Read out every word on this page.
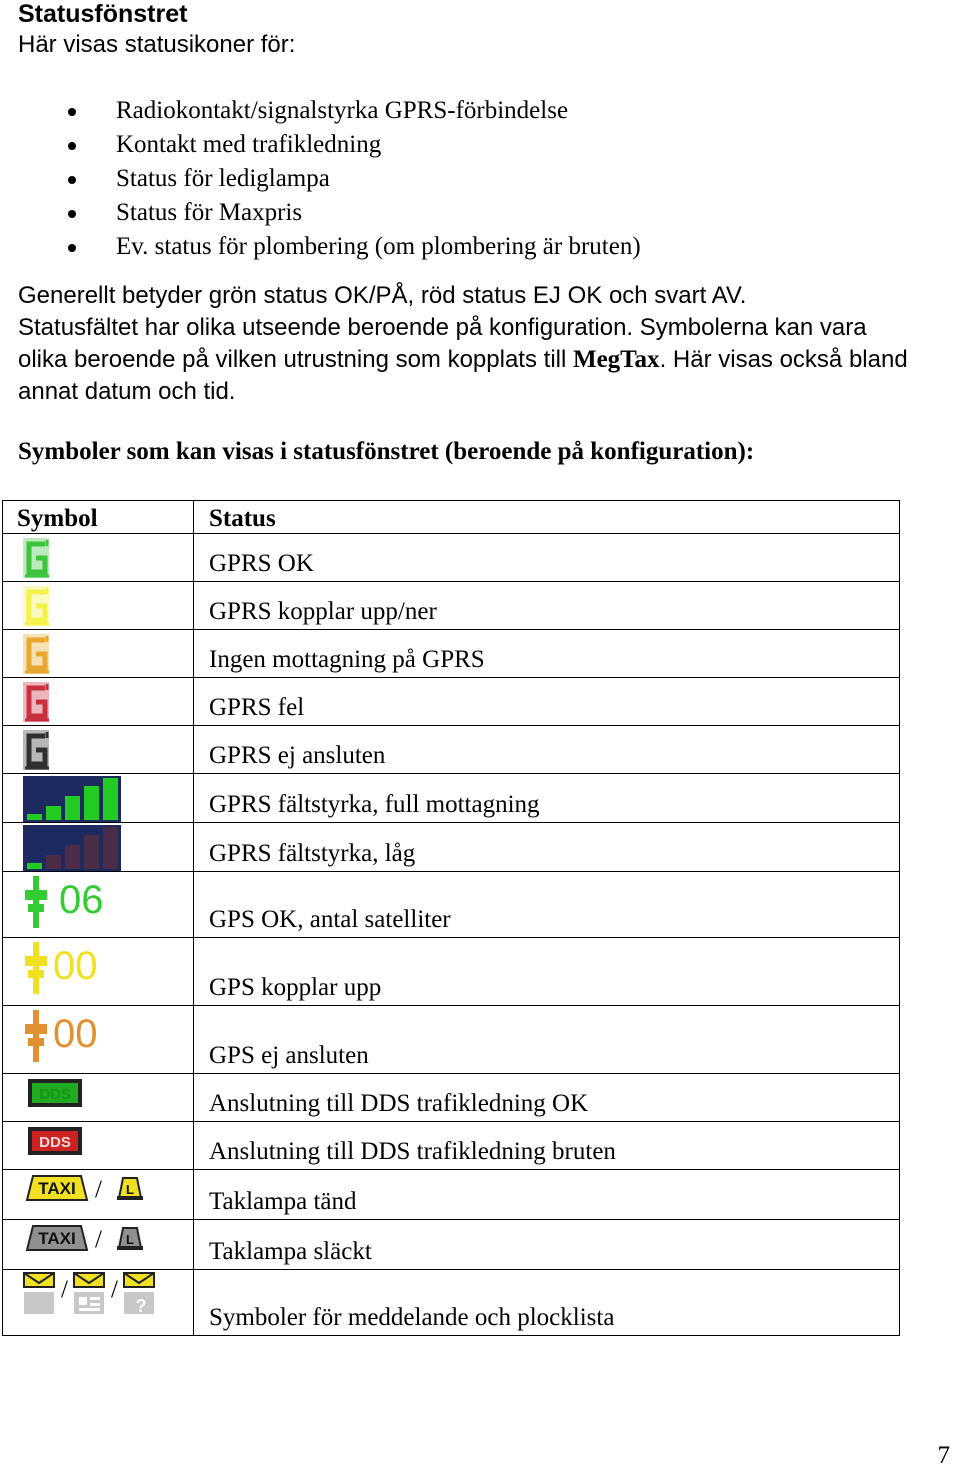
Statusfönstret
Här visas statusikoner för:
Radiokontakt/signalstyrka GPRS-förbindelse
Kontakt med trafikledning
Status för lediglampa
Status för Maxpris
Ev. status för plombering (om plombering är bruten)

Generellt betyder grön status OK/PÅ, röd status EJ OK och svart AV.

Statusfältet har olika utseende beroende på konfiguration. Symbolerna kan vara olika beroende på vilken utrustning som kopplats till MegTax. Här visas också bland annat datum och tid.

Symboler som kan visas i statusfönstret (beroende på konfiguration):
Symbol	Status

	GPRS OK

	GPRS kopplar upp/ner

	Ingen mottagning på GPRS

	GPRS fel

	GPRS ej ansluten

	GPRS fältstyrka, full mottagning

	GPRS fältstyrka, låg

06	GPS OK, antal satelliter

00	GPS kopplar upp

00	GPS ej ansluten

DDS	Anslutning till DDS trafikledning OK

DDS	Anslutning till DDS trafikledning bruten

TAXI / L	Taklampa tänd

TAXI / L	Taklampa släckt

/ /
?	Symboler för meddelande och plocklista
7
